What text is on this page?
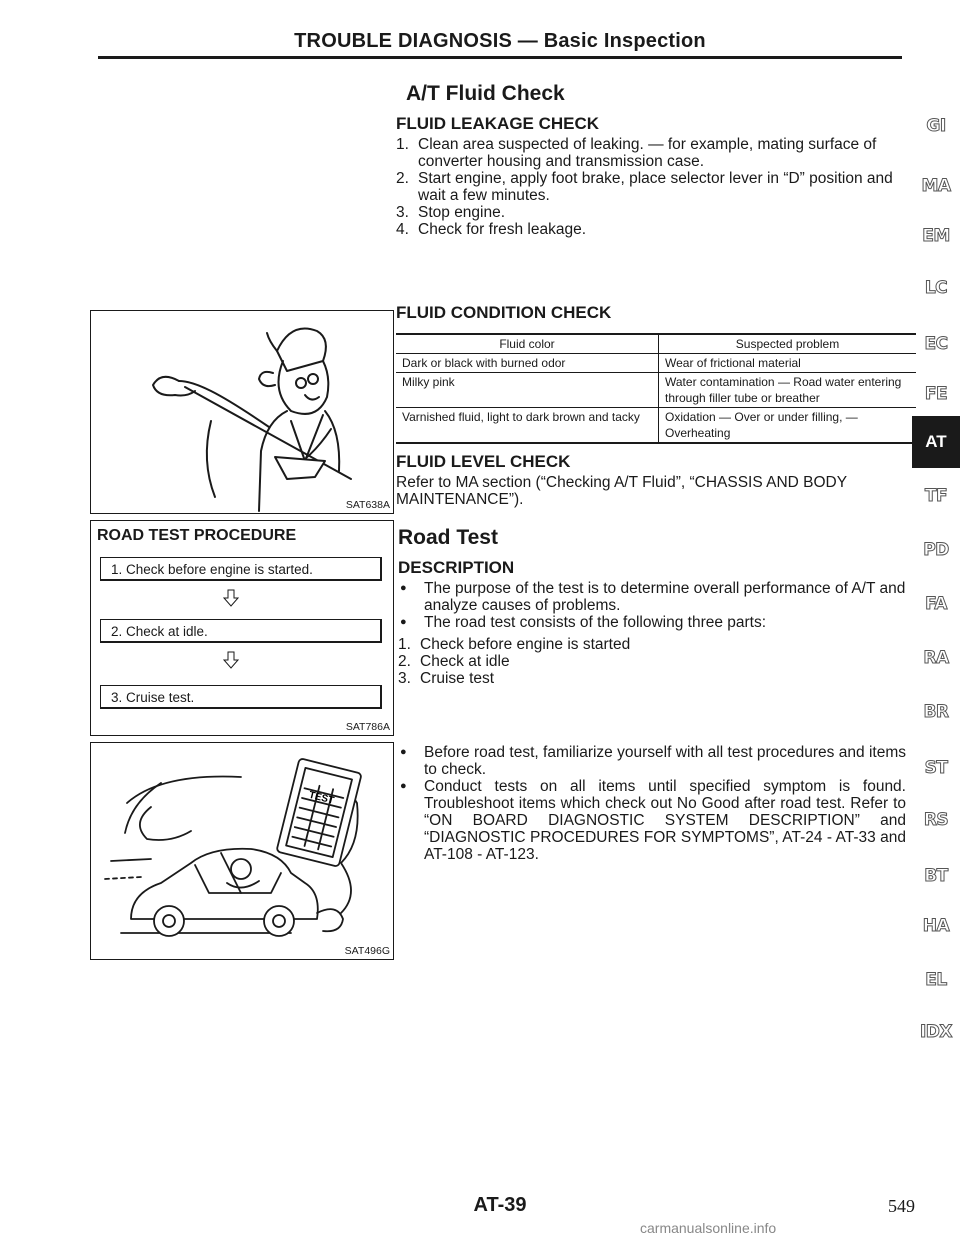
TROUBLE DIAGNOSIS — Basic Inspection
A/T Fluid Check
FLUID LEAKAGE CHECK
1. Clean area suspected of leaking. — for example, mating surface of converter housing and transmission case.
2. Start engine, apply foot brake, place selector lever in “D” position and wait a few minutes.
3. Stop engine.
4. Check for fresh leakage.
FLUID CONDITION CHECK
Fluid color	Suspected problem
Dark or black with burned odor	Wear of frictional material
Milky pink	Water contamination — Road water entering through filler tube or breather
Varnished fluid, light to dark brown and tacky	Oxidation — Over or under filling, — Overheating
FLUID LEVEL CHECK
Refer to MA section (“Checking A/T Fluid”, “CHASSIS AND BODY MAINTENANCE”).
Road Test
DESCRIPTION
● The purpose of the test is to determine overall performance of A/T and analyze causes of problems.
● The road test consists of the following three parts:
1. Check before engine is started
2. Check at idle
3. Cruise test
● Before road test, familiarize yourself with all test procedures and items to check.
● Conduct tests on all items until specified symptom is found. Troubleshoot items which check out No Good after road test. Refer to “ON BOARD DIAGNOSTIC SYSTEM DESCRIPTION” and “DIAGNOSTIC PROCEDURES FOR SYMPTOMS”, AT-24 - AT-33 and AT-108 - AT-123.
SAT638A
ROAD TEST PROCEDURE
1. Check before engine is started.
2. Check at idle.
3. Cruise test.
SAT786A
TEST
SAT496G
GI
MA
EM
LC
EC
FE
AT
TF
PD
FA
RA
BR
ST
RS
BT
HA
EL
IDX
AT-39	549
carmanualsonline.info
